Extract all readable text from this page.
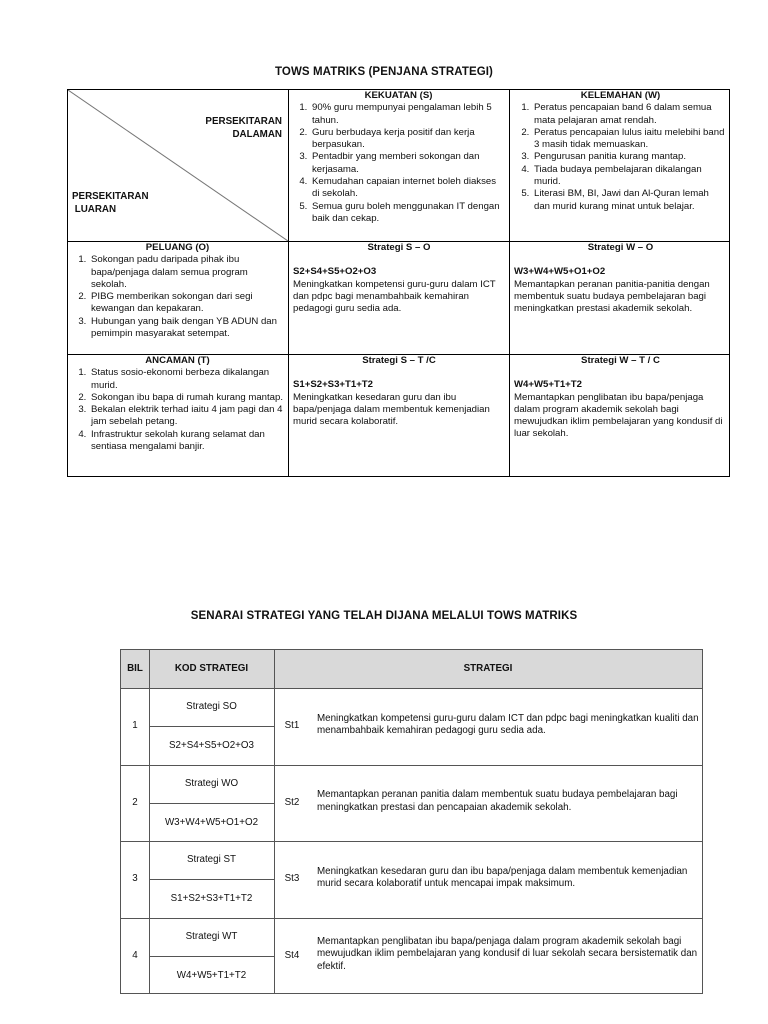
TOWS MATRIKS (PENJANA STRATEGI)
PERSEKITARAN
DALAMAN
PERSEKITARAN
LUARAN
KEKUATAN (S)
1. 90% guru mempunyai pengalaman lebih 5 tahun.
2. Guru berbudaya kerja positif dan kerja berpasukan.
3. Pentadbir yang memberi sokongan dan kerjasama.
4. Kemudahan capaian internet boleh diakses di sekolah.
5. Semua guru boleh menggunakan IT dengan baik dan cekap.
KELEMAHAN (W)
1. Peratus pencapaian band 6 dalam semua mata pelajaran amat rendah.
2. Peratus pencapaian lulus iaitu melebihi band 3 masih tidak memuaskan.
3. Pengurusan panitia kurang mantap.
4. Tiada budaya pembelajaran dikalangan murid.
5. Literasi BM, BI, Jawi dan Al-Quran lemah dan murid kurang minat untuk belajar.
PELUANG (O)
1. Sokongan padu daripada pihak ibu bapa/penjaga dalam semua program sekolah.
2. PIBG memberikan sokongan dari segi kewangan dan kepakaran.
3. Hubungan yang baik dengan YB ADUN dan pemimpin masyarakat setempat.
Strategi S – O
S2+S4+S5+O2+O3
Meningkatkan kompetensi guru-guru dalam ICT dan pdpc bagi menambahbaik kemahiran pedagogi guru sedia ada.
Strategi W – O
W3+W4+W5+O1+O2
Memantapkan peranan panitia-panitia dengan membentuk suatu budaya pembelajaran bagi meningkatkan prestasi akademik sekolah.
ANCAMAN (T)
1. Status sosio-ekonomi berbeza dikalangan murid.
2. Sokongan ibu bapa di rumah kurang mantap.
3. Bekalan elektrik terhad iaitu 4 jam pagi dan 4 jam sebelah petang.
4. Infrastruktur sekolah kurang selamat dan sentiasa mengalami banjir.
Strategi S – T /C
S1+S2+S3+T1+T2
Meningkatkan kesedaran guru dan ibu bapa/penjaga dalam membentuk kemenjadian murid secara kolaboratif.
Strategi W – T / C
W4+W5+T1+T2
Memantapkan penglibatan ibu bapa/penjaga dalam program akademik sekolah bagi mewujudkan iklim pembelajaran yang kondusif di luar sekolah.
SENARAI STRATEGI YANG TELAH DIJANA MELALUI TOWS MATRIKS
BIL	KOD STRATEGI	STRATEGI
1
Strategi SO
S2+S4+S5+O2+O3
St1
Meningkatkan kompetensi guru-guru dalam ICT dan pdpc bagi meningkatkan kualiti dan menambahbaik kemahiran pedagogi guru sedia ada.
2
Strategi WO
W3+W4+W5+O1+O2
St2
Memantapkan peranan panitia dalam membentuk suatu budaya pembelajaran bagi meningkatkan prestasi dan pencapaian akademik sekolah.
3
Strategi ST
S1+S2+S3+T1+T2
St3
Meningkatkan kesedaran guru dan ibu bapa/penjaga dalam membentuk kemenjadian murid secara kolaboratif untuk mencapai impak maksimum.
4
Strategi WT
W4+W5+T1+T2
St4
Memantapkan penglibatan ibu bapa/penjaga dalam program akademik sekolah bagi mewujudkan iklim pembelajaran yang kondusif di luar sekolah secara bersistematik dan efektif.
